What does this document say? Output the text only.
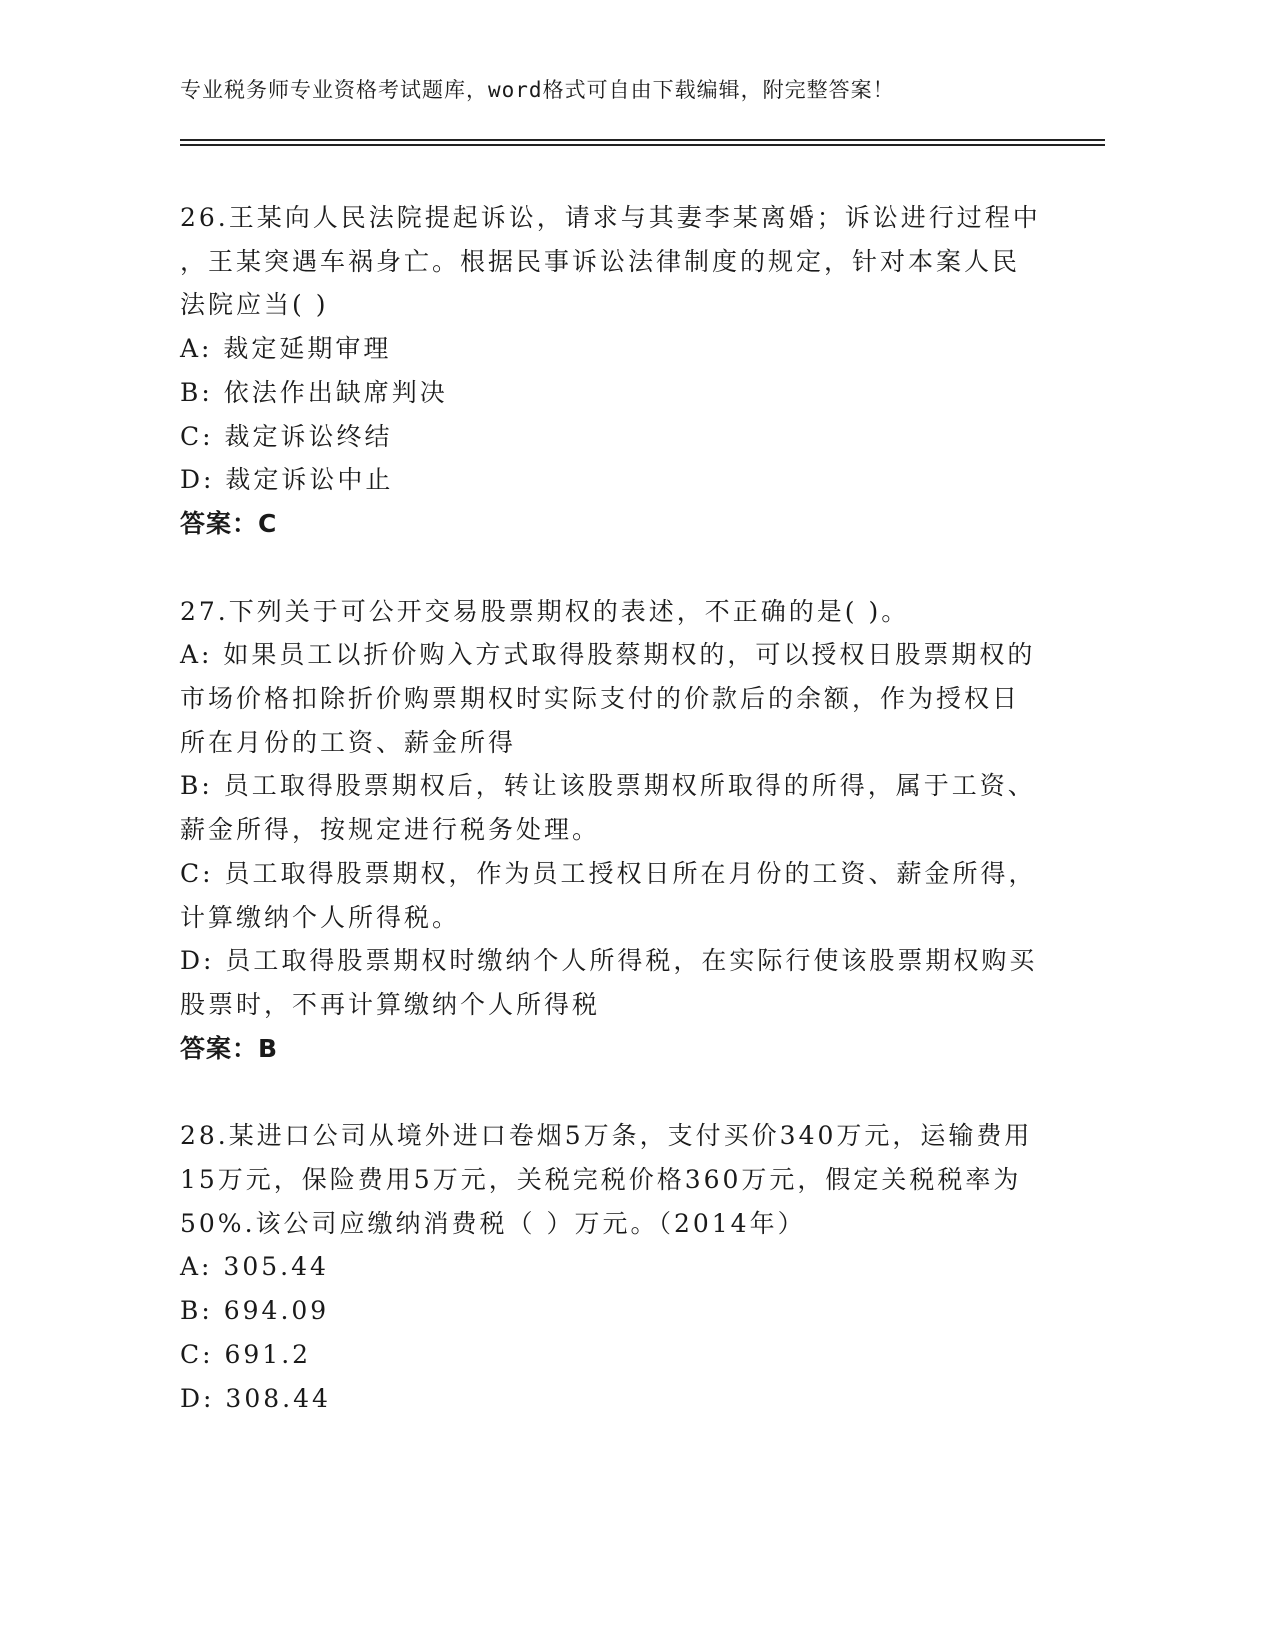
专业税务师专业资格考试题库，word格式可自由下载编辑，附完整答案！
26.王某向人民法院提起诉讼，请求与其妻李某离婚；诉讼进行过程中
，王某突遇车祸身亡。根据民事诉讼法律制度的规定，针对本案人民
法院应当( )
A: 裁定延期审理
B: 依法作出缺席判决
C: 裁定诉讼终结
D: 裁定诉讼中止
答案：C
27.下列关于可公开交易股票期权的表述，不正确的是( )。
A: 如果员工以折价购入方式取得股蔡期权的，可以授权日股票期权的
市场价格扣除折价购票期权时实际支付的价款后的余额，作为授权日
所在月份的工资、薪金所得
B: 员工取得股票期权后，转让该股票期权所取得的所得，属于工资、
薪金所得，按规定进行税务处理。
C: 员工取得股票期权，作为员工授权日所在月份的工资、薪金所得，
计算缴纳个人所得税。
D: 员工取得股票期权时缴纳个人所得税，在实际行使该股票期权购买
股票时，不再计算缴纳个人所得税
答案：B
28.某进口公司从境外进口卷烟5万条，支付买价340万元，运输费用
15万元，保险费用5万元，关税完税价格360万元，假定关税税率为
50%.该公司应缴纳消费税（ ）万元。（2014年）
A: 305.44
B: 694.09
C: 691.2
D: 308.44
